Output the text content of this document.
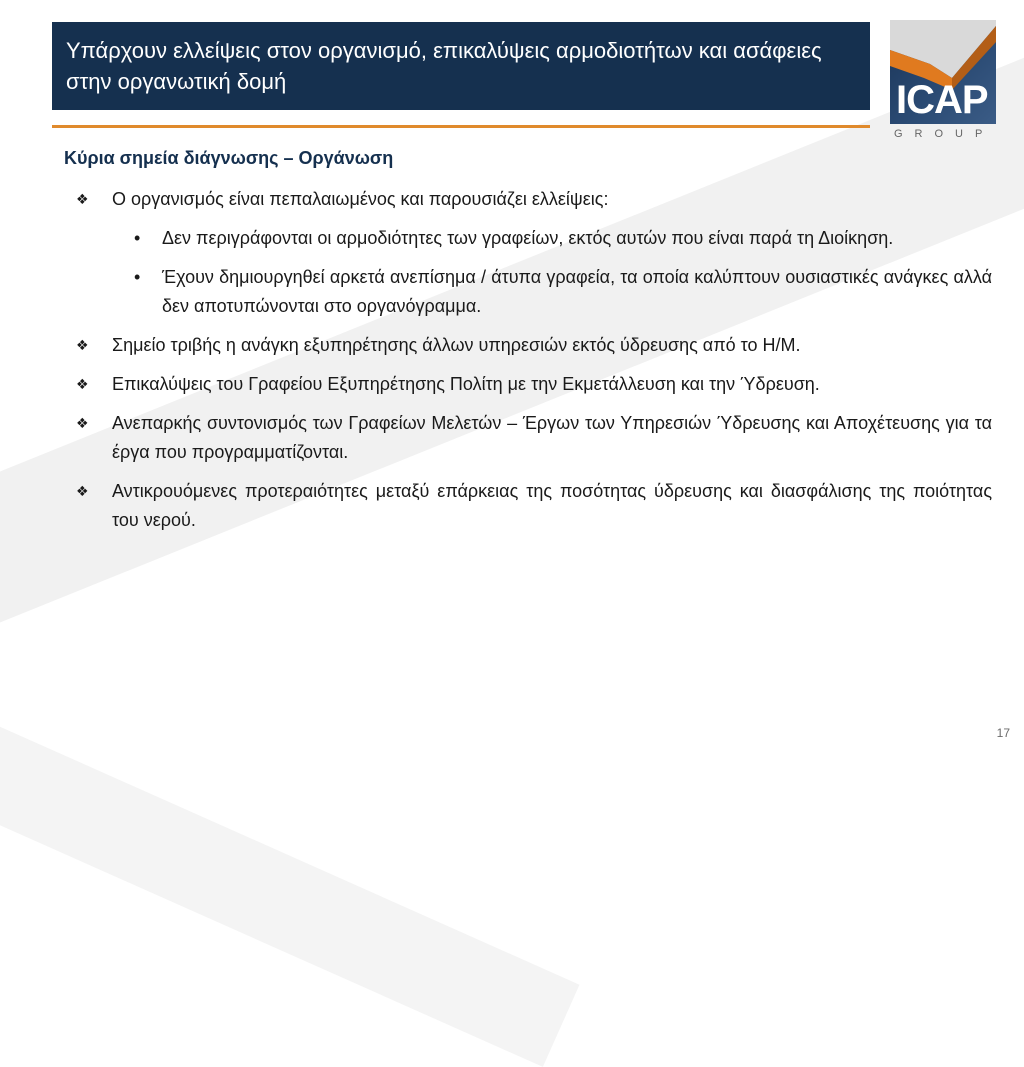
Υπάρχουν ελλείψεις στον οργανισμό, επικαλύψεις αρμοδιοτήτων και ασάφειες στην οργανωτική δομή	ICAP
GROUP
Κύρια σημεία διάγνωσης – Οργάνωση
❖ Ο οργανισμός είναι πεπαλαιωμένος και παρουσιάζει ελλείψεις:
• Δεν περιγράφονται οι αρμοδιότητες των γραφείων, εκτός αυτών που είναι παρά τη Διοίκηση.
• Έχουν δημιουργηθεί αρκετά ανεπίσημα / άτυπα γραφεία, τα οποία καλύπτουν ουσιαστικές ανάγκες αλλά δεν αποτυπώνονται στο οργανόγραμμα.
❖ Σημείο τριβής η ανάγκη εξυπηρέτησης άλλων υπηρεσιών εκτός ύδρευσης από το Η/Μ.
❖ Επικαλύψεις του Γραφείου Εξυπηρέτησης Πολίτη με την Εκμετάλλευση και την Ύδρευση.
❖ Ανεπαρκής συντονισμός των Γραφείων Μελετών – Έργων των Υπηρεσιών Ύδρευσης και Αποχέτευσης για τα έργα που προγραμματίζονται.
❖ Αντικρουόμενες προτεραιότητες μεταξύ επάρκειας της ποσότητας ύδρευσης και διασφάλισης της ποιότητας του νερού.
17
